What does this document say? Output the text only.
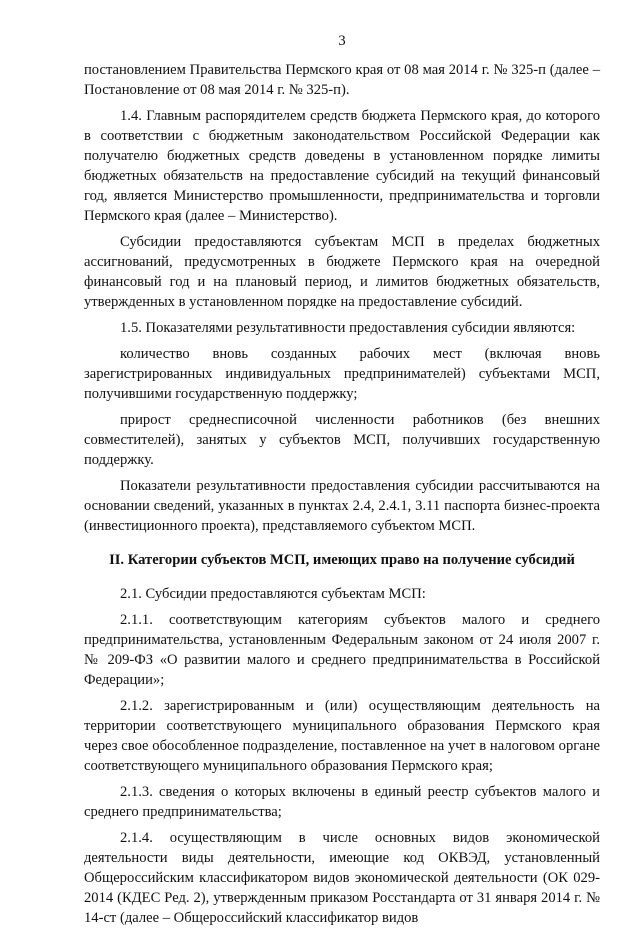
3

постановлением Правительства Пермского края от 08 мая 2014 г. № 325-п (далее – Постановление от 08 мая 2014 г. № 325-п).

1.4. Главным распорядителем средств бюджета Пермского края, до которого в соответствии с бюджетным законодательством Российской Федерации как получателю бюджетных средств доведены в установленном порядке лимиты бюджетных обязательств на предоставление субсидий на текущий финансовый год, является Министерство промышленности, предпринимательства и торговли Пермского края (далее – Министерство).

Субсидии предоставляются субъектам МСП в пределах бюджетных ассигнований, предусмотренных в бюджете Пермского края на очередной финансовый год и на плановый период, и лимитов бюджетных обязательств, утвержденных в установленном порядке на предоставление субсидий.

1.5. Показателями результативности предоставления субсидии являются:

количество вновь созданных рабочих мест (включая вновь зарегистрированных индивидуальных предпринимателей) субъектами МСП, получившими государственную поддержку;

прирост среднесписочной численности работников (без внешних совместителей), занятых у субъектов МСП, получивших государственную поддержку.

Показатели результативности предоставления субсидии рассчитываются на основании сведений, указанных в пунктах 2.4, 2.4.1, 3.11 паспорта бизнес-проекта (инвестиционного проекта), представляемого субъектом МСП.

II. Категории субъектов МСП, имеющих право на получение субсидий

2.1. Субсидии предоставляются субъектам МСП:

2.1.1. соответствующим категориям субъектов малого и среднего предпринимательства, установленным Федеральным законом от 24 июля 2007 г. № 209-ФЗ «О развитии малого и среднего предпринимательства в Российской Федерации»;

2.1.2. зарегистрированным и (или) осуществляющим деятельность на территории соответствующего муниципального образования Пермского края через свое обособленное подразделение, поставленное на учет в налоговом органе соответствующего муниципального образования Пермского края;

2.1.3. сведения о которых включены в единый реестр субъектов малого и среднего предпринимательства;

2.1.4. осуществляющим в числе основных видов экономической деятельности виды деятельности, имеющие код ОКВЭД, установленный Общероссийским классификатором видов экономической деятельности (ОК 029-2014 (КДЕС Ред. 2), утвержденным приказом Росстандарта от 31 января 2014 г. № 14-ст (далее – Общероссийский классификатор видов
